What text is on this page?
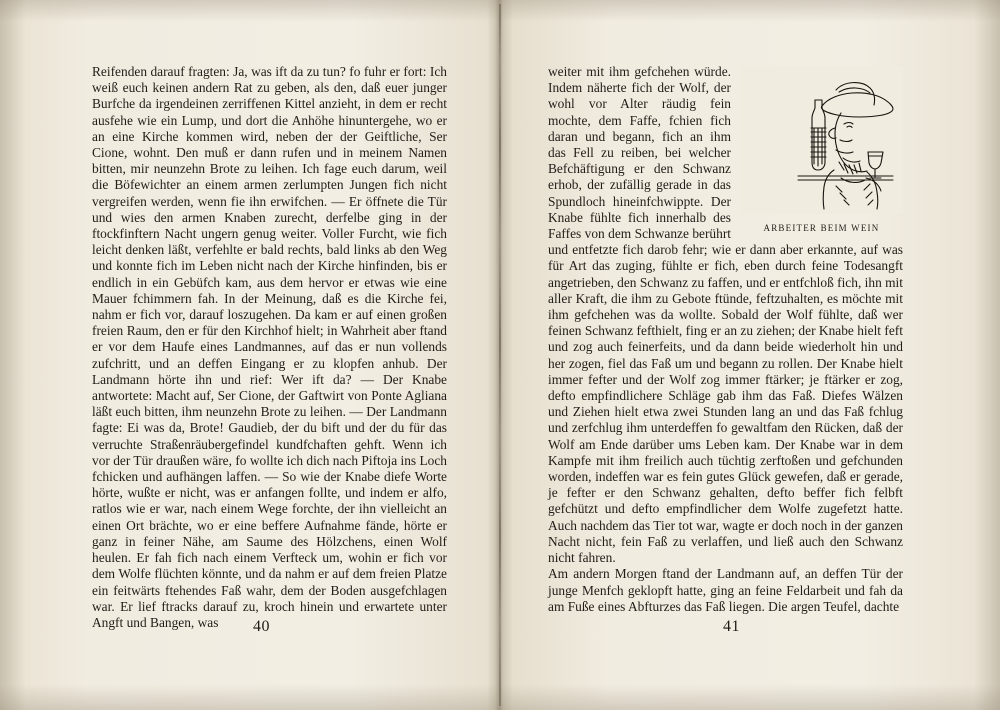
Reifenden darauf fragten: Ja, was ift da zu tun? fo fuhr er fort: Ich weiß euch keinen andern Rat zu geben, als den, daß euer junger Burfche da irgendeinen zerriffenen Kittel anzieht, in dem er recht ausfehe wie ein Lump, und dort die Anhöhe hinuntergehe, wo er an eine Kirche kommen wird, neben der der Geiftliche, Ser Cione, wohnt. Den muß er dann rufen und in meinem Namen bitten, mir neunzehn Brote zu leihen. Ich fage euch darum, weil die Böfewichter an einem armen zerlumpten Jungen fich nicht vergreifen werden, wenn fie ihn erwifchen. — Er öffnete die Tür und wies den armen Knaben zurecht, derfelbe ging in der ftockfinftern Nacht ungern genug weiter. Voller Furcht, wie fich leicht denken läßt, verfehlte er bald rechts, bald links ab den Weg und konnte fich im Leben nicht nach der Kirche hinfinden, bis er endlich in ein Gebüfch kam, aus dem hervor er etwas wie eine Mauer fchimmern fah. In der Meinung, daß es die Kirche fei, nahm er fich vor, darauf loszugehen. Da kam er auf einen großen freien Raum, den er für den Kirchhof hielt; in Wahrheit aber ftand er vor dem Haufe eines Landmannes, auf das er nun vollends zufchritt, und an deffen Eingang er zu klopfen anhub. Der Landmann hörte ihn und rief: Wer ift da? — Der Knabe antwortete: Macht auf, Ser Cione, der Gaftwirt von Ponte Agliana läßt euch bitten, ihm neunzehn Brote zu leihen. — Der Landmann fagte: Ei was da, Brote! Gaudieb, der du bift und der du für das verruchte Straßenräubergefindel kundfchaften gehft. Wenn ich vor der Tür draußen wäre, fo wollte ich dich nach Piftoja ins Loch fchicken und aufhängen laffen. — So wie der Knabe diefe Worte hörte, wußte er nicht, was er anfangen follte, und indem er alfo, ratlos wie er war, nach einem Wege forchte, der ihn vielleicht an einen Ort brächte, wo er eine beffere Aufnahme fände, hörte er ganz in feiner Nähe, am Saume des Hölzchens, einen Wolf heulen. Er fah fich nach einem Verfteck um, wohin er fich vor dem Wolfe flüchten könnte, und da nahm er auf dem freien Platze ein feitwärts ftehendes Faß wahr, dem der Boden ausgefchlagen war. Er lief ftracks darauf zu, kroch hinein und erwartete unter Angft und Bangen, was	40
ARBEITER BEIM WEIN

weiter mit ihm gefchehen würde. Indem näherte fich der Wolf, der wohl vor Alter räudig fein mochte, dem Faffe, fchien fich daran und begann, fich an ihm das Fell zu reiben, bei welcher Befchäftigung er den Schwanz erhob, der zufällig gerade in das Spundloch hineinfchwippte. Der Knabe fühlte fich innerhalb des Faffes von dem Schwanze berührt und entfetzte fich darob fehr; wie er dann aber erkannte, auf was für Art das zuging, fühlte er fich, eben durch feine Todesangft angetrieben, den Schwanz zu faffen, und er entfchloß fich, ihn mit aller Kraft, die ihm zu Gebote ftünde, feftzuhalten, es möchte mit ihm gefchehen was da wollte. Sobald der Wolf fühlte, daß wer feinen Schwanz fefthielt, fing er an zu ziehen; der Knabe hielt feft und zog auch feinerfeits, und da dann beide wiederholt hin und her zogen, fiel das Faß um und begann zu rollen. Der Knabe hielt immer fefter und der Wolf zog immer ftärker; je ftärker er zog, defto empfindlichere Schläge gab ihm das Faß. Diefes Wälzen und Ziehen hielt etwa zwei Stunden lang an und das Faß fchlug und zerfchlug ihm unterdeffen fo gewaltfam den Rücken, daß der Wolf am Ende darüber ums Leben kam. Der Knabe war in dem Kampfe mit ihm freilich auch tüchtig zerftoßen und gefchunden worden, indeffen war es fein gutes Glück gewefen, daß er gerade, je fefter er den Schwanz gehalten, defto beffer fich felbft gefchützt und defto empfindlicher dem Wolfe zugefetzt hatte. Auch nachdem das Tier tot war, wagte er doch noch in der ganzen Nacht nicht, fein Faß zu verlaffen, und ließ auch den Schwanz nicht fahren.

Am andern Morgen ftand der Landmann auf, an deffen Tür der junge Menfch geklopft hatte, ging an feine Feldarbeit und fah da am Fuße eines Abfturzes das Faß liegen. Die argen Teufel, dachte

41
